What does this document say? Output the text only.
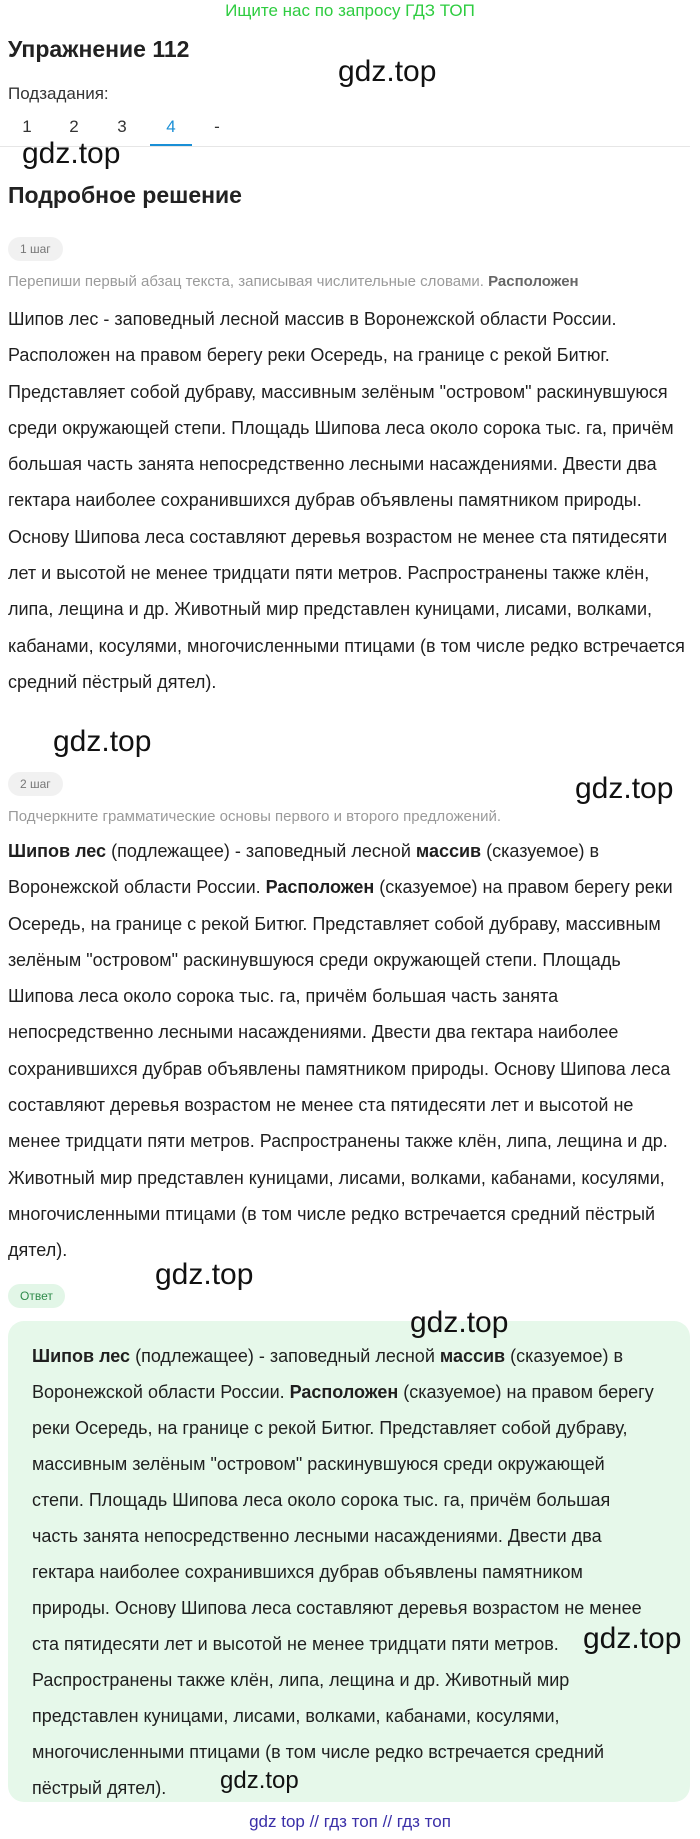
Ищите нас по запросу ГДЗ ТОП
Упражнение 112
Подзадания:
1	2	3	4	-
Подробное решение
1 шаг
Перепиши первый абзац текста, записывая числительные словами. Расположен
Шипов лес - заповедный лесной массив в Воронежской области России. Расположен на правом берегу реки Осередь, на границе с рекой Битюг. Представляет собой дубраву, массивным зелёным "островом" раскинувшуюся среди окружающей степи. Площадь Шипова леса около сорока тыс. га, причём большая часть занята непосредственно лесными насаждениями. Двести два гектара наиболее сохранившихся дубрав объявлены памятником природы. Основу Шипова леса составляют деревья возрастом не менее ста пятидесяти лет и высотой не менее тридцати пяти метров. Распространены также клён, липа, лещина и др. Животный мир представлен куницами, лисами, волками, кабанами, косулями, многочисленными птицами (в том числе редко встречается средний пёстрый дятел).
2 шаг
Подчеркните грамматические основы первого и второго предложений.
Шипов лес (подлежащее) - заповедный лесной массив (сказуемое) в Воронежской области России. Расположен (сказуемое) на правом берегу реки Осередь, на границе с рекой Битюг. Представляет собой дубраву, массивным зелёным "островом" раскинувшуюся среди окружающей степи. Площадь Шипова леса около сорока тыс. га, причём большая часть занята непосредственно лесными насаждениями. Двести два гектара наиболее сохранившихся дубрав объявлены памятником природы. Основу Шипова леса составляют деревья возрастом не менее ста пятидесяти лет и высотой не менее тридцати пяти метров. Распространены также клён, липа, лещина и др. Животный мир представлен куницами, лисами, волками, кабанами, косулями, многочисленными птицами (в том числе редко встречается средний пёстрый дятел).
Ответ
Шипов лес (подлежащее) - заповедный лесной массив (сказуемое) в Воронежской области России. Расположен (сказуемое) на правом берегу реки Осередь, на границе с рекой Битюг. Представляет собой дубраву, массивным зелёным "островом" раскинувшуюся среди окружающей степи. Площадь Шипова леса около сорока тыс. га, причём большая часть занята непосредственно лесными насаждениями. Двести два гектара наиболее сохранившихся дубрав объявлены памятником природы. Основу Шипова леса составляют деревья возрастом не менее ста пятидесяти лет и высотой не менее тридцати пяти метров. Распространены также клён, липа, лещина и др. Животный мир представлен куницами, лисами, волками, кабанами, косулями, многочисленными птицами (в том числе редко встречается средний пёстрый дятел).
gdz.top
gdz.top
gdz.top
gdz.top
gdz.top
gdz.top
gdz.top
gdz.top
gdz top // гдз топ // гдз топ
